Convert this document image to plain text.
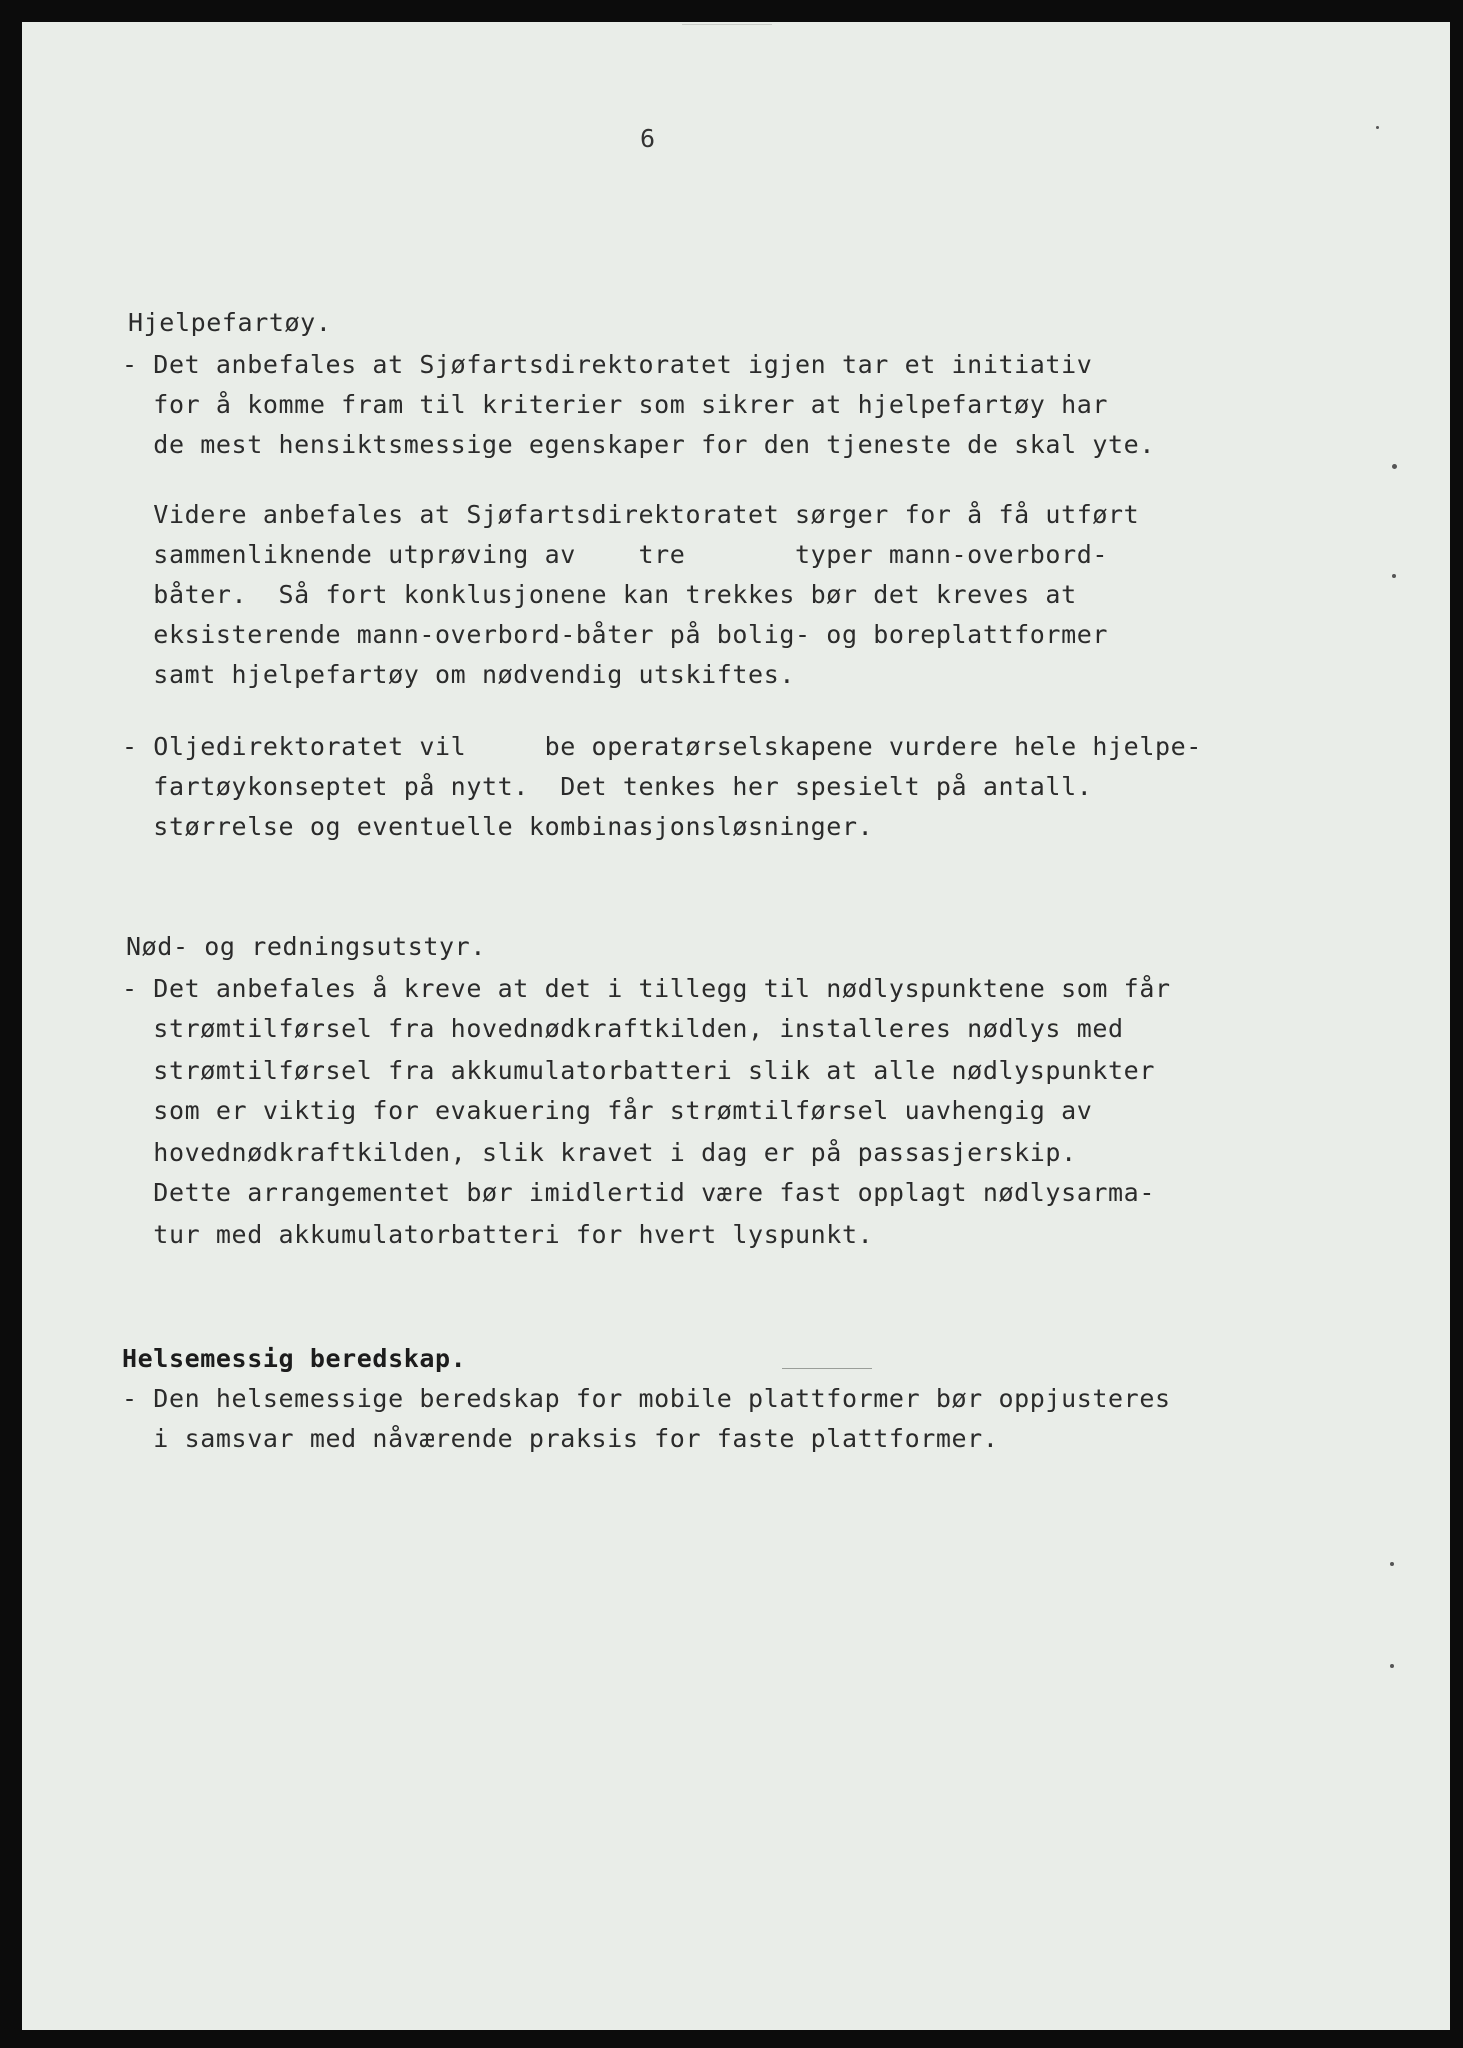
6
Hjelpefartøy.
- Det anbefales at Sjøfartsdirektoratet igjen tar et initiativ
for å komme fram til kriterier som sikrer at hjelpefartøy har
de mest hensiktsmessige egenskaper for den tjeneste de skal yte.
Videre anbefales at Sjøfartsdirektoratet sørger for å få utført
sammenliknende utprøving av    tre       typer mann-overbord-
båter.  Så fort konklusjonene kan trekkes bør det kreves at
eksisterende mann-overbord-båter på bolig- og boreplattformer
samt hjelpefartøy om nødvendig utskiftes.
- Oljedirektoratet vil     be operatørselskapene vurdere hele hjelpe-
fartøykonseptet på nytt.  Det tenkes her spesielt på antall.
størrelse og eventuelle kombinasjonsløsninger.
Nød- og redningsutstyr.
- Det anbefales å kreve at det i tillegg til nødlyspunktene som får
strømtilførsel fra hovednødkraftkilden, installeres nødlys med
strømtilførsel fra akkumulatorbatteri slik at alle nødlyspunkter
som er viktig for evakuering får strømtilførsel uavhengig av
hovednødkraftkilden, slik kravet i dag er på passasjerskip.
Dette arrangementet bør imidlertid være fast opplagt nødlysarma-
tur med akkumulatorbatteri for hvert lyspunkt.
Helsemessig beredskap.
- Den helsemessige beredskap for mobile plattformer bør oppjusteres
i samsvar med nåværende praksis for faste plattformer.
